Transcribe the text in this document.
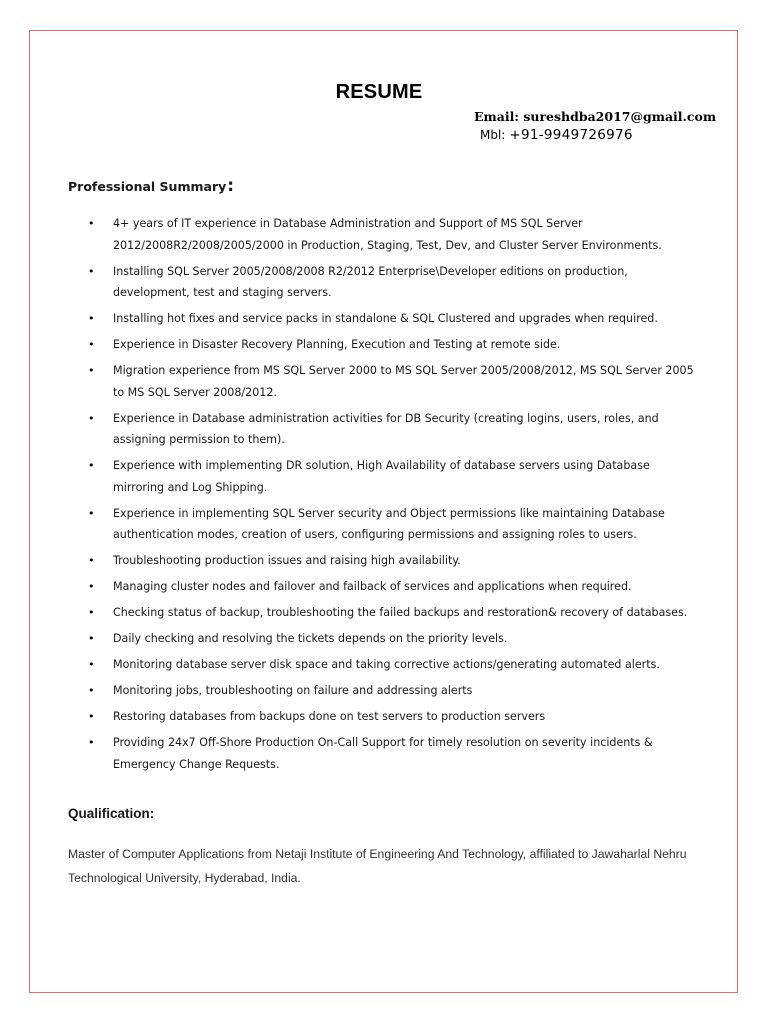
RESUME
Email: sureshdba2017@gmail.com
Mbl: +91-9949726976
Professional Summary:
• 4+ years of IT experience in Database Administration and Support of MS SQL Server 2012/2008R2/2008/2005/2000 in Production, Staging, Test, Dev, and Cluster Server Environments.
• Installing SQL Server 2005/2008/2008 R2/2012 Enterprise\Developer editions on production, development, test and staging servers.
• Installing hot fixes and service packs in standalone & SQL Clustered and upgrades when required.
• Experience in Disaster Recovery Planning, Execution and Testing at remote side.
• Migration experience from MS SQL Server 2000 to MS SQL Server 2005/2008/2012, MS SQL Server 2005 to MS SQL Server 2008/2012.
• Experience in Database administration activities for DB Security (creating logins, users, roles, and assigning permission to them).
• Experience with implementing DR solution, High Availability of database servers using Database mirroring and Log Shipping.
• Experience in implementing SQL Server security and Object permissions like maintaining Database authentication modes, creation of users, configuring permissions and assigning roles to users.
• Troubleshooting production issues and raising high availability.
• Managing cluster nodes and failover and failback of services and applications when required.
• Checking status of backup, troubleshooting the failed backups and restoration& recovery of databases.
• Daily checking and resolving the tickets depends on the priority levels.
• Monitoring database server disk space and taking corrective actions/generating automated alerts.
• Monitoring jobs, troubleshooting on failure and addressing alerts
• Restoring databases from backups done on test servers to production servers
• Providing 24x7 Off-Shore Production On-Call Support for timely resolution on severity incidents & Emergency Change Requests.
Qualification:
Master of Computer Applications from Netaji Institute of Engineering And Technology, affiliated to Jawaharlal Nehru Technological University, Hyderabad, India.
